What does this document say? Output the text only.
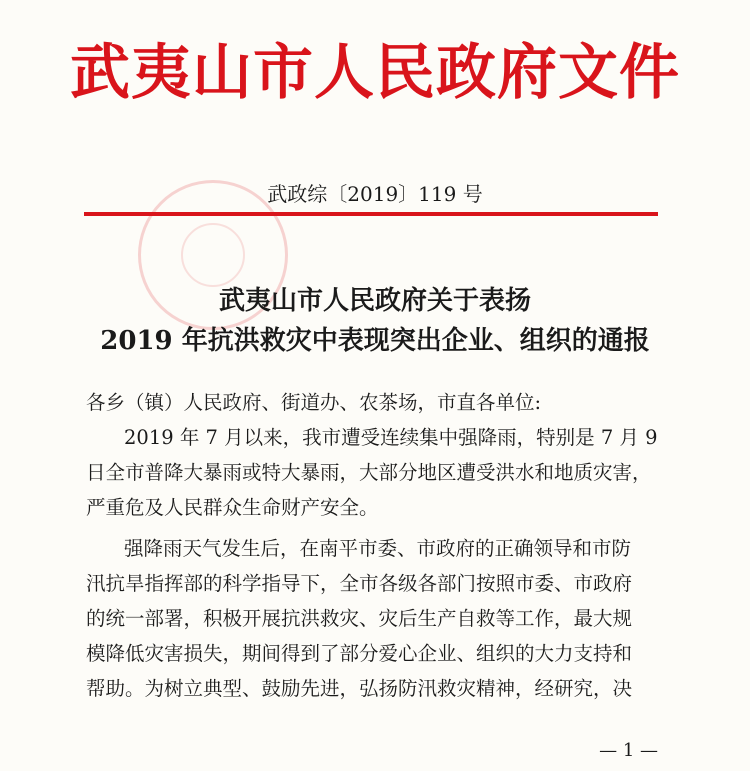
武夷山市人民政府文件
武政综〔2019〕119 号
武夷山市人民政府关于表扬
2019 年抗洪救灾中表现突出企业、组织的通报
各乡（镇）人民政府、街道办、农茶场，市直各单位:
2019 年 7 月以来，我市遭受连续集中强降雨，特别是 7 月 9
日全市普降大暴雨或特大暴雨，大部分地区遭受洪水和地质灾害，
严重危及人民群众生命财产安全。
强降雨天气发生后，在南平市委、市政府的正确领导和市防
汛抗旱指挥部的科学指导下，全市各级各部门按照市委、市政府
的统一部署，积极开展抗洪救灾、灾后生产自救等工作，最大规
模降低灾害损失，期间得到了部分爱心企业、组织的大力支持和
帮助。为树立典型、鼓励先进，弘扬防汛救灾精神，经研究，决
— 1 —
